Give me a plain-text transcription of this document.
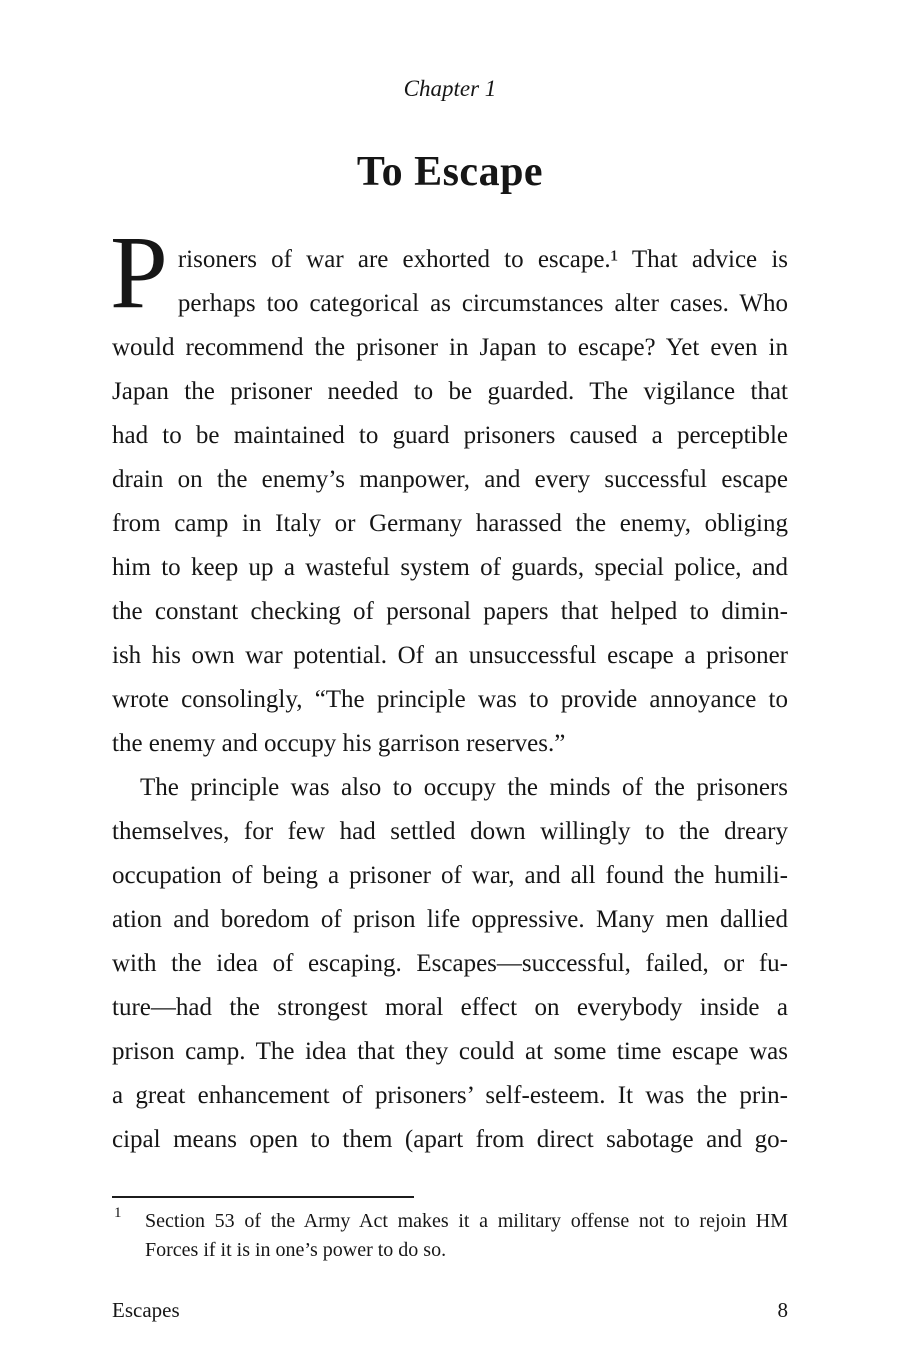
Chapter 1
To Escape
P risoners of war are exhorted to escape.¹ That advice is
perhaps too categorical as circumstances alter cases. Who
would recommend the prisoner in Japan to escape? Yet even in
Japan the prisoner needed to be guarded. The vigilance that
had to be maintained to guard prisoners caused a perceptible
drain on the enemy’s manpower, and every successful escape
from camp in Italy or Germany harassed the enemy, obliging
him to keep up a wasteful system of guards, special police, and
the constant checking of personal papers that helped to dimin-
ish his own war potential. Of an unsuccessful escape a prisoner
wrote consolingly, “The principle was to provide annoyance to
the enemy and occupy his garrison reserves.”
The principle was also to occupy the minds of the prisoners
themselves, for few had settled down willingly to the dreary
occupation of being a prisoner of war, and all found the humili-
ation and boredom of prison life oppressive. Many men dallied
with the idea of escaping. Escapes—successful, failed, or fu-
ture—had the strongest moral effect on everybody inside a
prison camp. The idea that they could at some time escape was
a great enhancement of prisoners’ self-esteem. It was the prin-
cipal means open to them (apart from direct sabotage and go-
1 Section 53 of the Army Act makes it a military offense not to rejoin HM
Forces if it is in one’s power to do so.
Escapes	8
